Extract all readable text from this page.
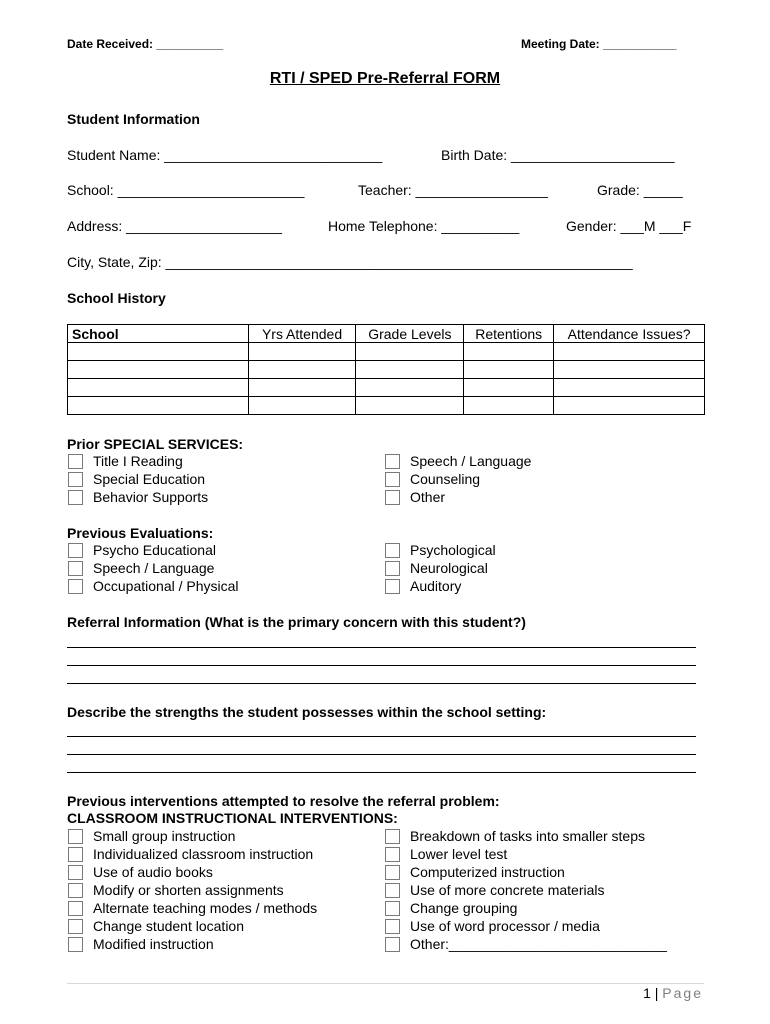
Date Received: __________	Meeting Date: ___________
RTI / SPED Pre-Referral FORM
Student Information
Student Name: ____________________________	Birth Date: _____________________
School: ________________________	Teacher: _________________	Grade: _____
Address: ____________________	Home Telephone: __________	Gender: ___M ___F
City, State, Zip: ____________________________________________________________
School History
School	Yrs Attended	Grade Levels	Retentions	Attendance Issues?

Prior SPECIAL SERVICES:
Title I Reading
Special Education
Behavior Supports
Speech / Language
Counseling
Other
Previous Evaluations:
Psycho Educational
Speech / Language
Occupational / Physical
Psychological
Neurological
Auditory
Referral Information (What is the primary concern with this student?)
Describe the strengths the student possesses within the school setting:
Previous interventions attempted to resolve the referral problem:
CLASSROOM INSTRUCTIONAL INTERVENTIONS:
Small group instruction
Individualized classroom instruction
Use of audio books
Modify or shorten assignments
Alternate teaching modes / methods
Change student location
Modified instruction
Breakdown of tasks into smaller steps
Lower level test
Computerized instruction
Use of more concrete materials
Change grouping
Use of word processor / media
Other:____________________________
1 | Page
